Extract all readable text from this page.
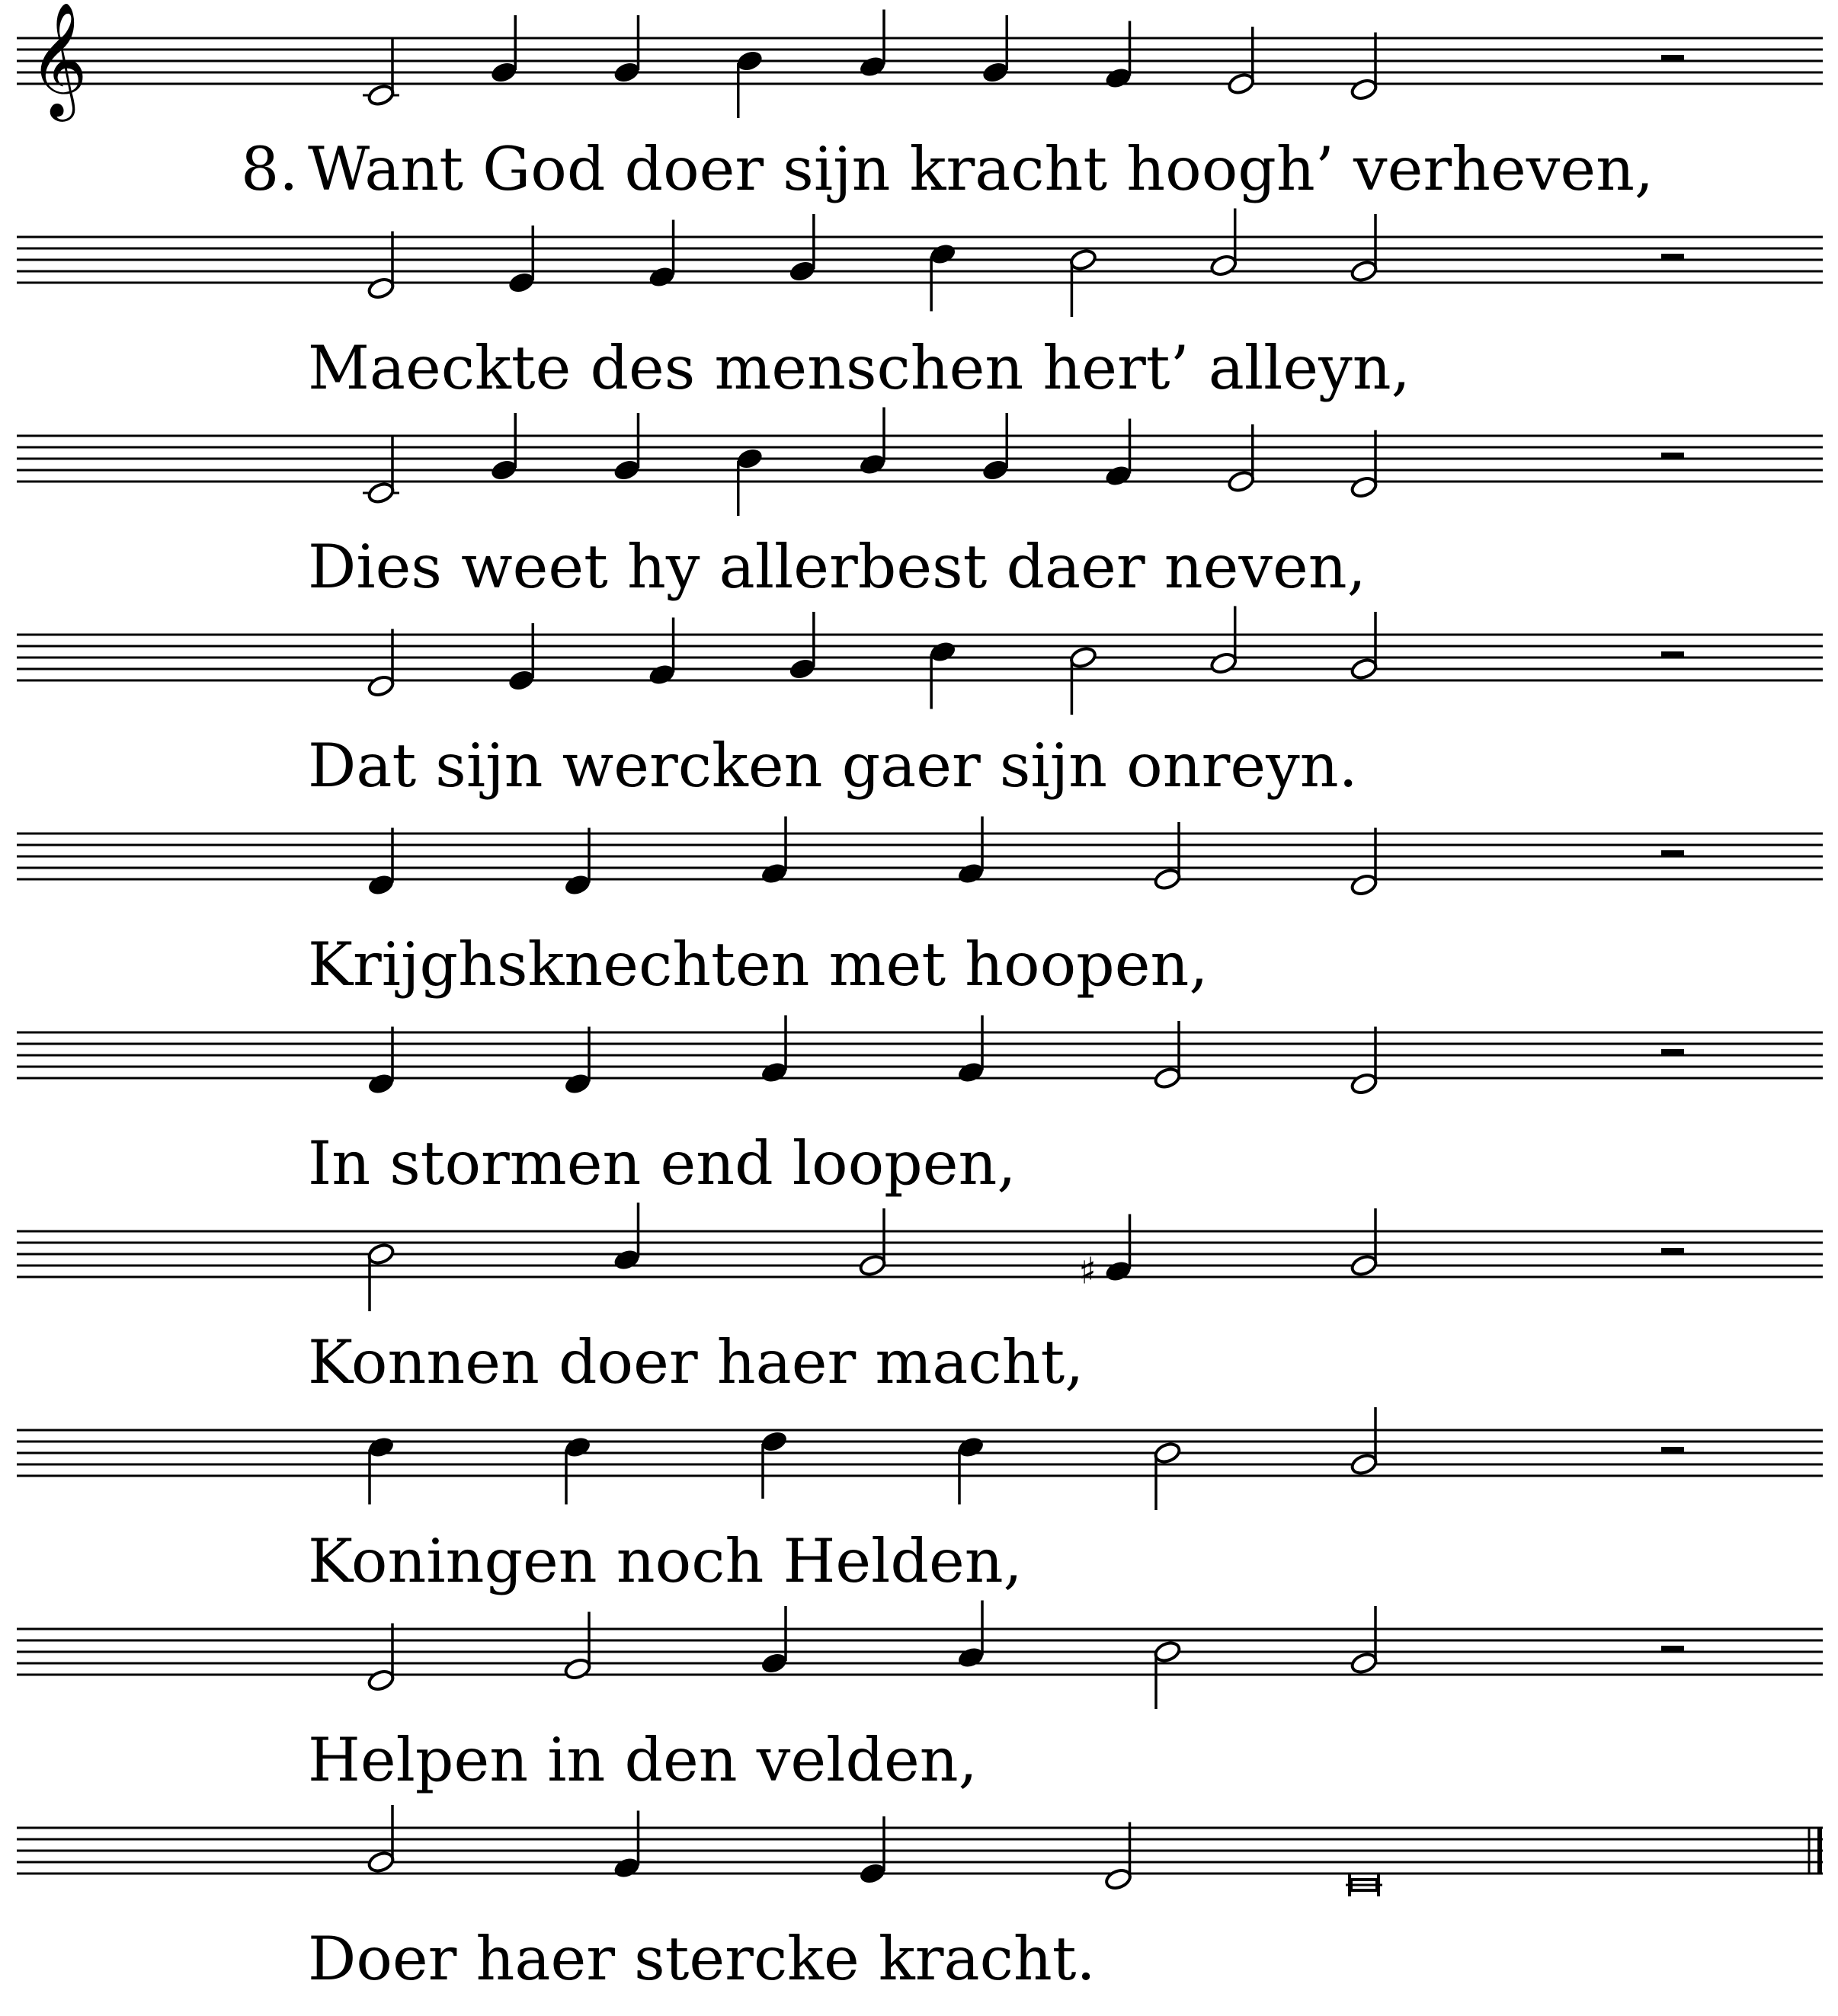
𝄞
8. Want God doer sijn kracht hoogh’ verheven,
Maeckte des menschen hert’ alleyn,
Dies weet hy allerbest daer neven,
Dat sijn wercken gaer sijn onreyn.
Krijghsknechten met hoopen,
In stormen end loopen,
♯
Konnen doer haer macht,
Koningen noch Helden,
Helpen in den velden,
Doer haer stercke kracht.
